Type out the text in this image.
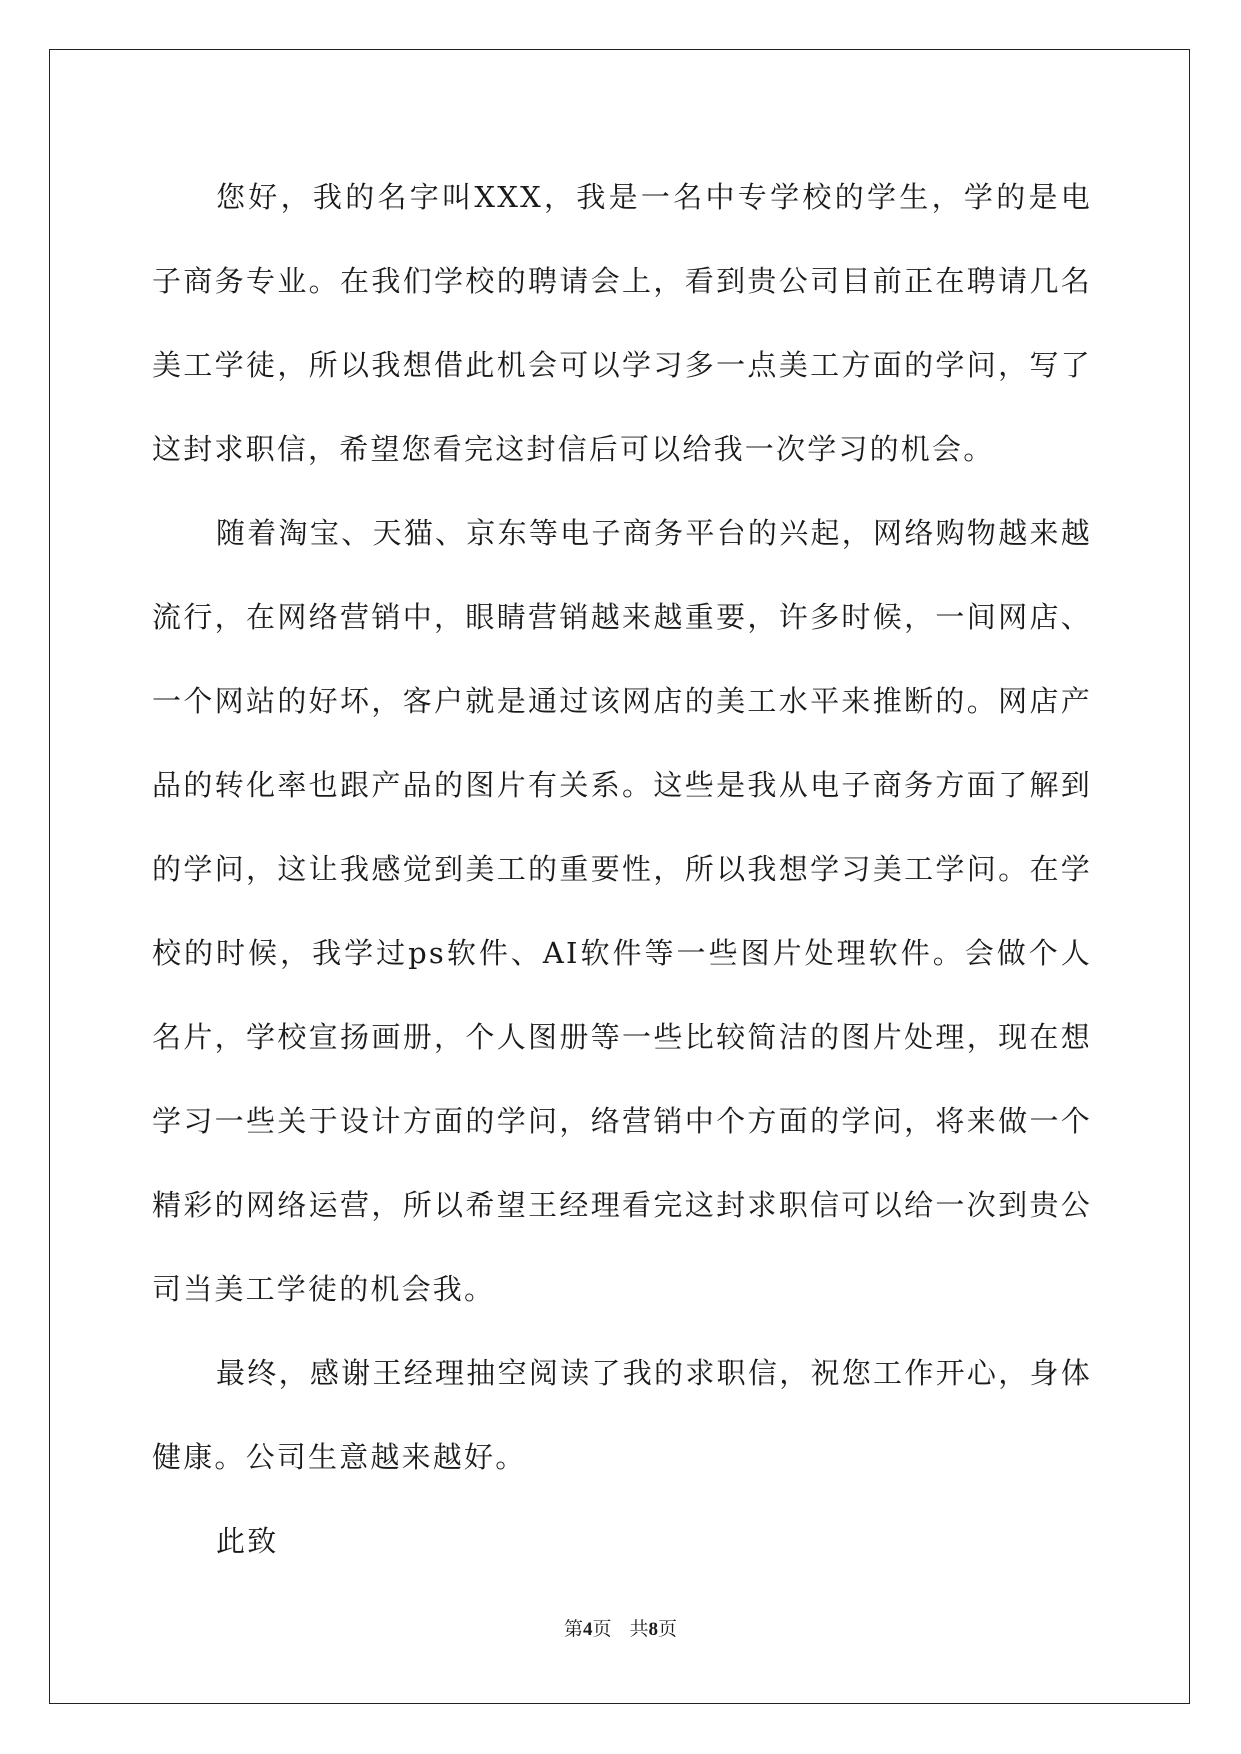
您好，我的名字叫XXX，我是一名中专学校的学生，学的是电子商务专业。在我们学校的聘请会上，看到贵公司目前正在聘请几名美工学徒，所以我想借此机会可以学习多一点美工方面的学问，写了这封求职信，希望您看完这封信后可以给我一次学习的机会。

随着淘宝、天猫、京东等电子商务平台的兴起，网络购物越来越流行，在网络营销中，眼睛营销越来越重要，许多时候，一间网店、一个网站的好坏，客户就是通过该网店的美工水平来推断的。网店产品的转化率也跟产品的图片有关系。这些是我从电子商务方面了解到的学问，这让我感觉到美工的重要性，所以我想学习美工学问。在学校的时候，我学过ps软件、AI软件等一些图片处理软件。会做个人名片，学校宣扬画册，个人图册等一些比较简洁的图片处理，现在想学习一些关于设计方面的学问，络营销中个方面的学问，将来做一个精彩的网络运营，所以希望王经理看完这封求职信可以给一次到贵公司当美工学徒的机会我。

最终，感谢王经理抽空阅读了我的求职信，祝您工作开心，身体健康。公司生意越来越好。

此致

第4页 共8页
